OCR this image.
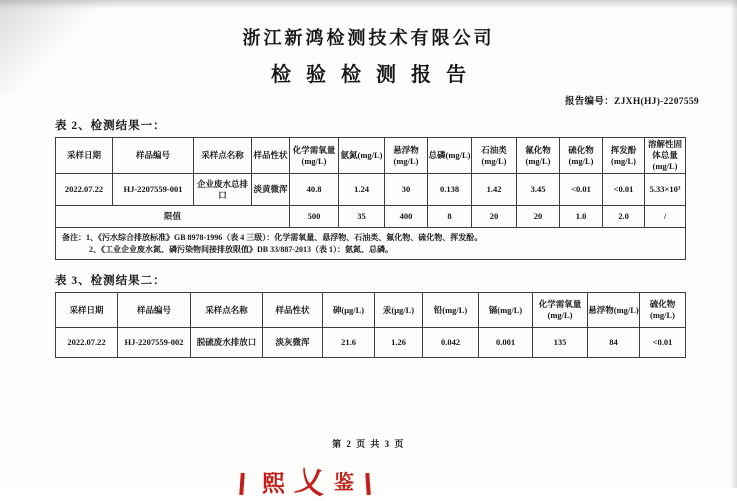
浙江新鸿检测技术有限公司
检验检测报告
报告编号：ZJXH(HJ)-2207559
表 2、检测结果一：
采样日期	样品编号	采样点名称	样品性状	化学需氧量(mg/L)	氨氮(mg/L)	悬浮物(mg/L)	总磷(mg/L)	石油类(mg/L)	氟化物(mg/L)	硫化物(mg/L)	挥发酚(mg/L)	溶解性固体总量(mg/L)
2022.07.22	HJ-2207559-001	企业废水总排口	淡黄微浑	40.8	1.24	30	0.138	1.42	3.45	<0.01	<0.01	5.33×10³
限值				500	35	400	8	20	20	1.0	2.0	/

备注：1、《污水综合排放标准》GB 8978-1996（表 4 三级）：化学需氧量、悬浮物、石油类、氟化物、硫化物、挥发酚。
2、《工业企业废水氮、磷污染物间接排放限值》DB 33/887-2013（表 1）：氨氮、总磷。												
表 3、检测结果二：
采样日期	样品编号	采样点名称	样品性状	砷(μg/L)	汞(μg/L)	铅(mg/L)	镉(mg/L)	化学需氧量(mg/L)	悬浮物(mg/L)	硫化物(mg/L)
2022.07.22	HJ-2207559-002	脱硫废水排放口	淡灰微浑	21.6	1.26	0.042	0.001	135	84	<0.01
第 2 页 共 3 页
熙 乂 鉴
